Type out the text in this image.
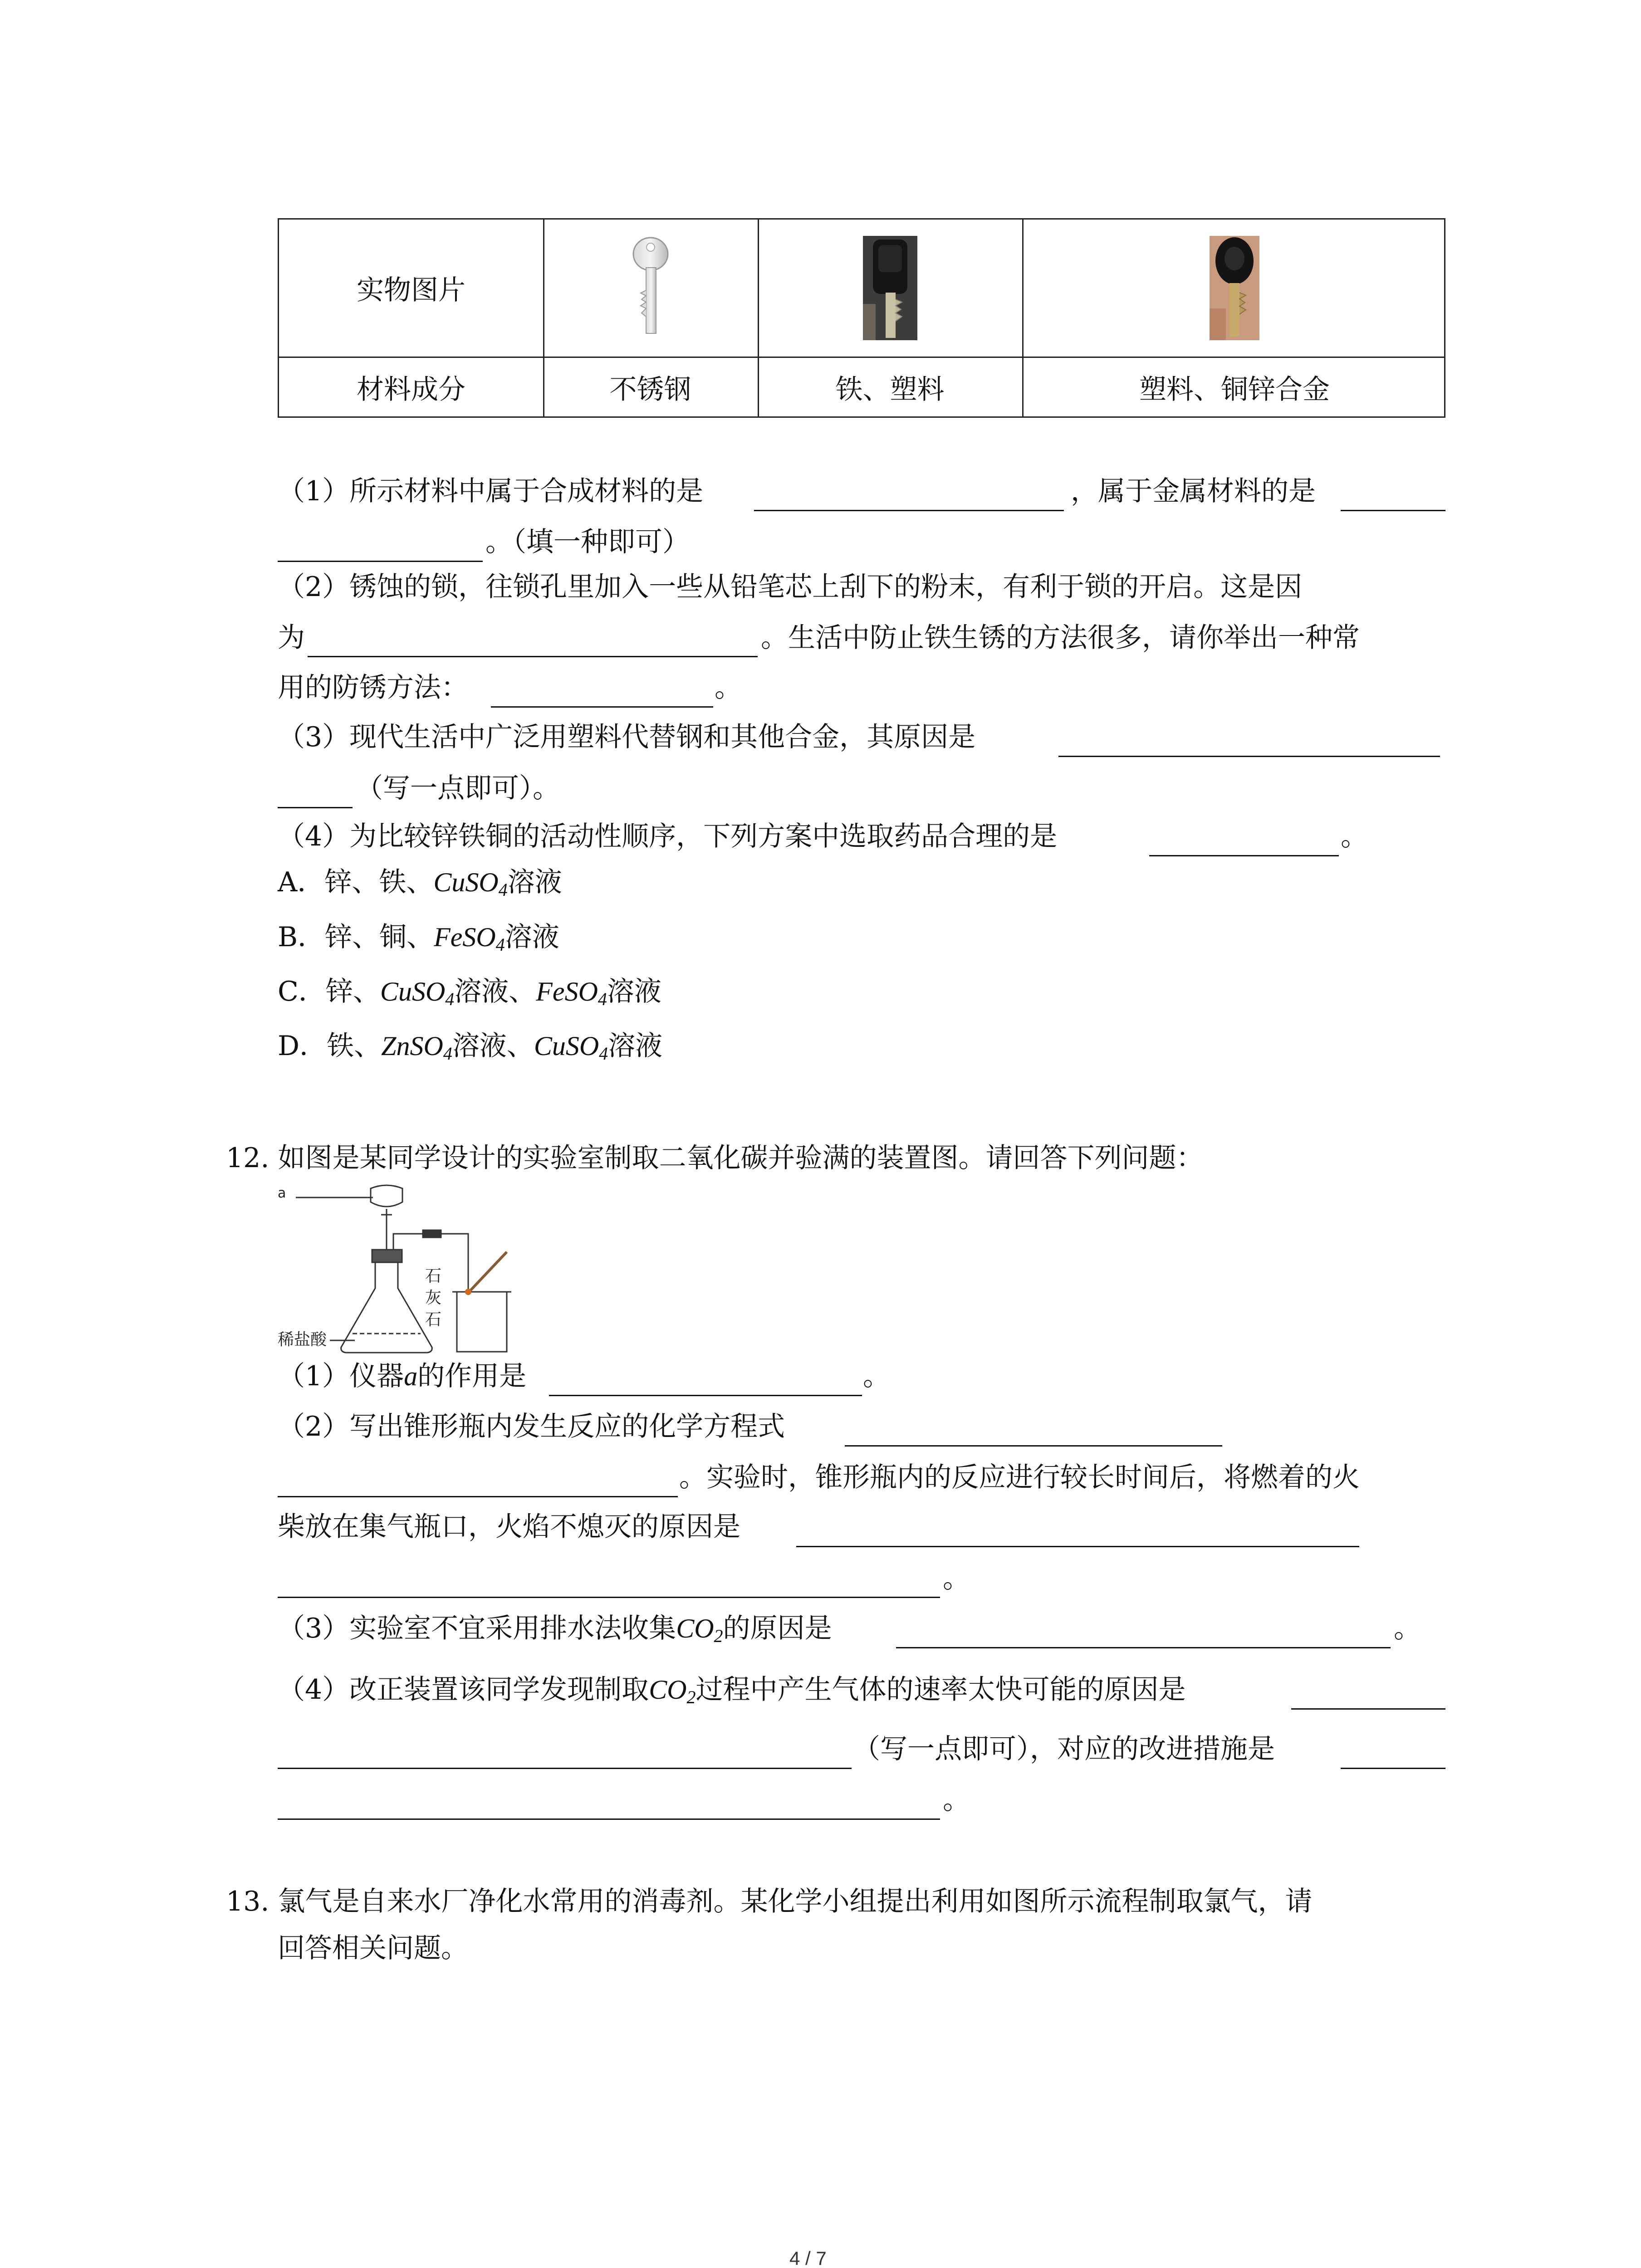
实物图片
材料成分	不锈钢	铁、塑料	塑料、铜锌合金
（1）所示材料中属于合成材料的是	，属于金属材料的是
。（填一种即可）
（2）锈蚀的锁，往锁孔里加入一些从铅笔芯上刮下的粉末，有利于锁的开启。这是因
为	。生活中防止铁生锈的方法很多，请你举出一种常
用的防锈方法：	。
（3）现代生活中广泛用塑料代替钢和其他合金，其原因是
（写一点即可）。
（4）为比较锌铁铜的活动性顺序，下列方案中选取药品合理的是	。
A．锌、铁、CuSO$_4$溶液
B．锌、铜、FeSO$_4$溶液
C．锌、CuSO$_4$溶液、FeSO$_4$溶液
D．铁、ZnSO$_4$溶液、CuSO$_4$溶液
12. 如图是某同学设计的实验室制取二氧化碳并验满的装置图。请回答下列问题：
a
稀盐酸
石
灰
石
（1）仪器a的作用是	。
（2）写出锥形瓶内发生反应的化学方程式
。实验时，锥形瓶内的反应进行较长时间后，将燃着的火
柴放在集气瓶口，火焰不熄灭的原因是
。
（3）实验室不宜采用排水法收集$CO_2$的原因是	。
（4）改正装置该同学发现制取$CO_2$过程中产生气体的速率太快可能的原因是
（写一点即可），对应的改进措施是
。
13. 氯气是自来水厂净化水常用的消毒剂。某化学小组提出利用如图所示流程制取氯气，请
回答相关问题。
4 / 7
